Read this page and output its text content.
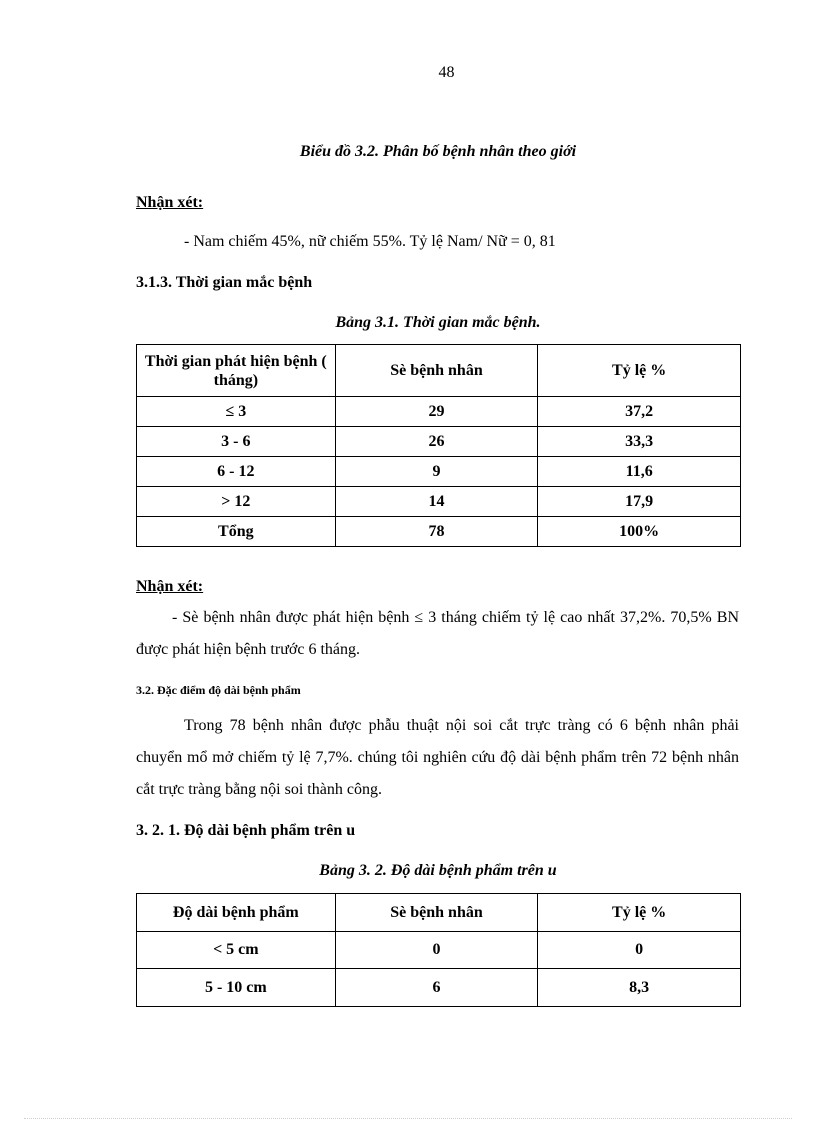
48
Biểu đồ 3.2. Phân bố bệnh nhân theo giới
Nhận xét:
- Nam chiếm 45%, nữ chiếm 55%. Tỷ lệ Nam/ Nữ = 0, 81
3.1.3. Thời gian mắc bệnh
Bảng 3.1. Thời gian mắc bệnh.
Thời gian phát hiện bệnh ( tháng)	Sè bệnh nhân	Tỷ lệ %
≤ 3	29	37,2
3 - 6	26	33,3
6 - 12	9	11,6
> 12	14	17,9
Tổng	78	100%
Nhận xét:
- Sè bệnh nhân được phát hiện bệnh ≤ 3 tháng chiếm tỷ lệ cao nhất 37,2%. 70,5% BN được phát hiện bệnh trước 6 tháng.
3.2. Đặc điểm độ dài bệnh phẩm
Trong 78 bệnh nhân được phẫu thuật nội soi cắt trực tràng có 6 bệnh nhân phải chuyển mổ mở chiếm tỷ lệ 7,7%. chúng tôi nghiên cứu độ dài bệnh phẩm trên 72 bệnh nhân cắt trực tràng bằng nội soi thành công.
3. 2. 1. Độ dài bệnh phẩm trên u
Bảng 3. 2. Độ dài bệnh phẩm trên u
Độ dài bệnh phẩm	Sè bệnh nhân	Tỷ lệ %
< 5 cm	0	0
5 - 10 cm	6	8,3
